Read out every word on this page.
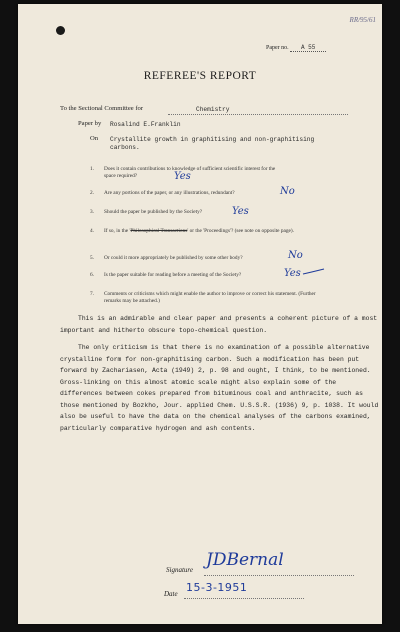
RR/95/61
Paper no. A 55
REFEREE'S REPORT
To the Sectional Committee for	Chemistry
Paper by Rosalind E.Franklin
On Crystallite growth in graphitising and non-graphitising
carbons.
1. Does it contain contributions to knowledge of sufficient scientific interest for the space required?	Yes
2. Are any portions of the paper, or any illustrations, redundant?	No
3. Should the paper be published by the Society?	Yes
4. If so, in the 'Philosophical Transactions' or the 'Proceedings'? (see note on opposite page).
5. Or could it more appropriately be published by some other body?	No
6. Is the paper suitable for reading before a meeting of the Society?	Yes
7. Comments or criticisms which might enable the author to improve or correct his statement. (Further remarks may be attached.)

This is an admirable and clear paper and presents a coherent picture of a most important and hitherto obscure topo-chemical question.

The only criticism is that there is no examination of a possible alternative crystalline form for non-graphitising carbon. Such a modification has been put forward by Zachariasen, Acta (1949) 2, p. 98 and ought, I think, to be mentioned. Gross-linking on this almost atomic scale might also explain some of the differences between cokes prepared from bituminous coal and anthracite, such as those mentioned by Bozkho, Jour. applied Chem. U.S.S.R. (1936) 9, p. 1038. It would also be useful to have the data on the chemical analyses of the carbons examined, particularly comparative hydrogen and ash contents.

Signature JDBernal
Date 15-3-1951
